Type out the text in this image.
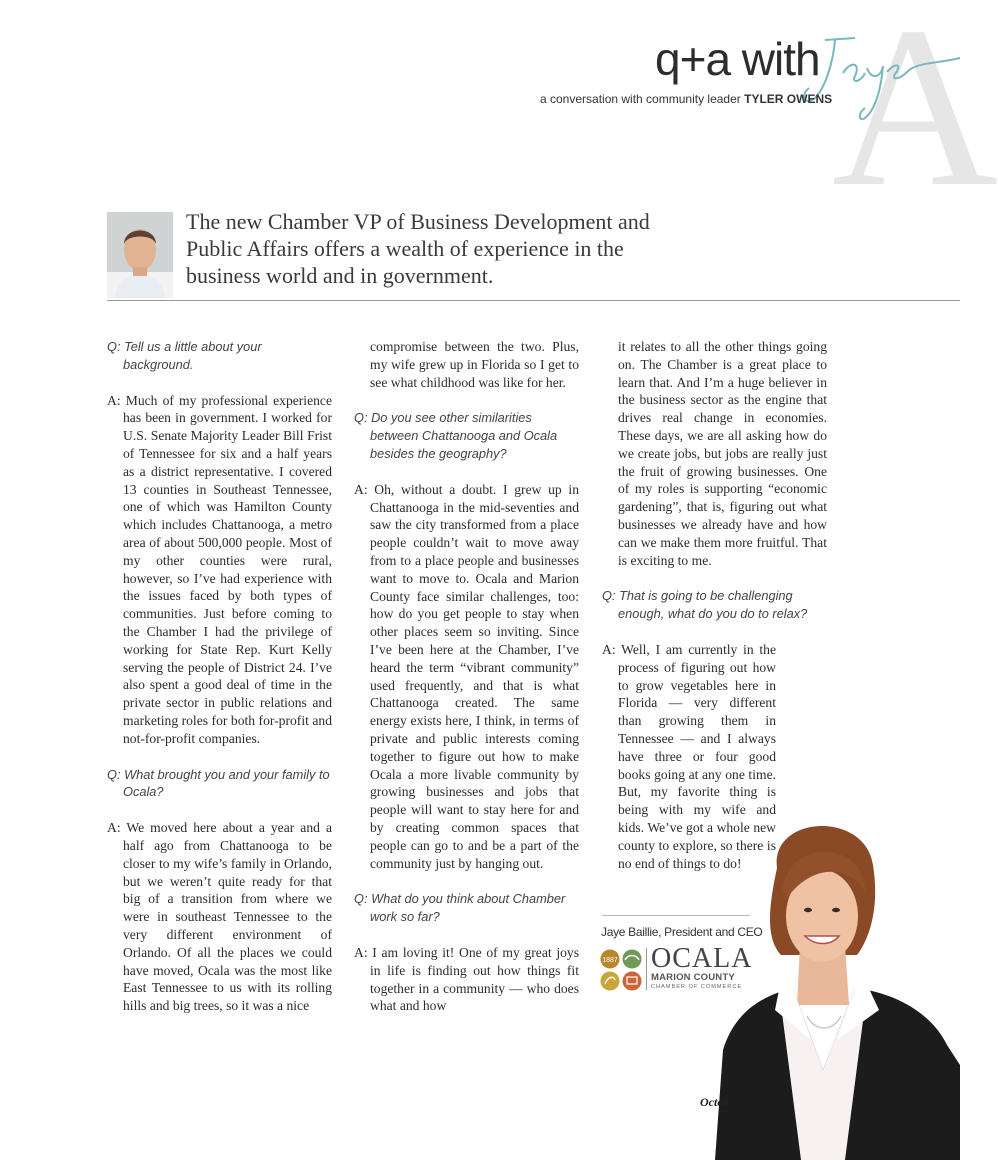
A
q+a with
a conversation with community leader TYLER OWENS

The new Chamber VP of Business Development and Public Affairs offers a wealth of experience in the business world and in government.

Q: Tell us a little about your background.

A: Much of my professional experience has been in government. I worked for U.S. Senate Majority Leader Bill Frist of Tennessee for six and a half years as a district representative. I covered 13 counties in Southeast Tennessee, one of which was Hamilton County which includes Chattanooga, a metro area of about 500,000 people. Most of my other counties were rural, however, so I’ve had experience with the issues faced by both types of communities. Just before coming to the Chamber I had the privilege of working for State Rep. Kurt Kelly serving the people of District 24. I’ve also spent a good deal of time in the private sector in public relations and marketing roles for both for-profit and not-for-profit companies.

Q: What brought you and your family to Ocala?

A: We moved here about a year and a half ago from Chattanooga to be closer to my wife’s family in Orlando, but we weren’t quite ready for that big of a transition from where we were in southeast Tennessee to the very different environment of Orlando. Of all the places we could have moved, Ocala was the most like East Tennessee to us with its rolling hills and big trees, so it was a nice

compromise between the two. Plus, my wife grew up in Florida so I get to see what childhood was like for her.

Q: Do you see other similarities between Chattanooga and Ocala besides the geography?

A: Oh, without a doubt. I grew up in Chattanooga in the mid-seventies and saw the city transformed from a place people couldn’t wait to move away from to a place people and businesses want to move to. Ocala and Marion County face similar challenges, too: how do you get people to stay when other places seem so inviting. Since I’ve been here at the Chamber, I’ve heard the term “vibrant community” used frequently, and that is what Chattanooga created. The same energy exists here, I think, in terms of private and public interests coming together to figure out how to make Ocala a more livable community by growing businesses and jobs that people will want to stay here for and by creating common spaces that people can go to and be a part of the community just by hanging out.

Q: What do you think about Chamber work so far?

A: I am loving it! One of my great joys in life is finding out how things fit together in a community — who does what and how

it relates to all the other things going on. The Chamber is a great place to learn that. And I’m a huge believer in the business sector as the engine that drives real change in economies. These days, we are all asking how do we create jobs, but jobs are really just the fruit of growing businesses. One of my roles is supporting “economic gardening”, that is, figuring out what businesses we already have and how can we make them more fruitful. That is exciting to me.

Q: That is going to be challenging enough, what do you do to relax?

A: Well, I am currently in the process of figuring out how to grow vegetables here in Florida — very different than growing them in Tennessee — and I always have three or four good books going at any one time. But, my favorite thing is being with my wife and kids. We’ve got a whole new county to explore, so there is no end of things to do!

Jaye Baillie, President and CEO
1887 OCALA
MARION COUNTY
CHAMBER OF COMMERCE
Octob
